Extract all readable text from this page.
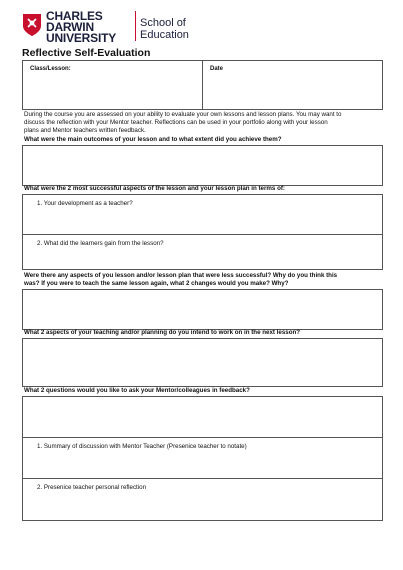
CHARLES
DARWIN
UNIVERSITY
School of
Education
Reflective Self-Evaluation
Class/Lesson:	Date
During the course you are assessed on your ability to evaluate your own lessons and lesson plans. You may want to
discuss the reflection with your Mentor teacher. Reflections can be used in your portfolio along with your lesson
plans and Mentor teachers written feedback.
What were the main outcomes of your lesson and to what extent did you achieve them?
What were the 2 most successful aspects of the lesson and your lesson plan in terms of:
1. Your development as a teacher?
2. What did the learners gain from the lesson?
Were there any aspects of you lesson and/or lesson plan that were less successful? Why do you think this
was? If you were to teach the same lesson again, what 2 changes would you make? Why?
What 2 aspects of your teaching and/or planning do you intend to work on in the next lesson?
What 2 questions would you like to ask your Mentor/colleagues in feedback?
1. Summary of discussion with Mentor Teacher (Presenice teacher to notate)
2. Presenice teacher personal reflection
